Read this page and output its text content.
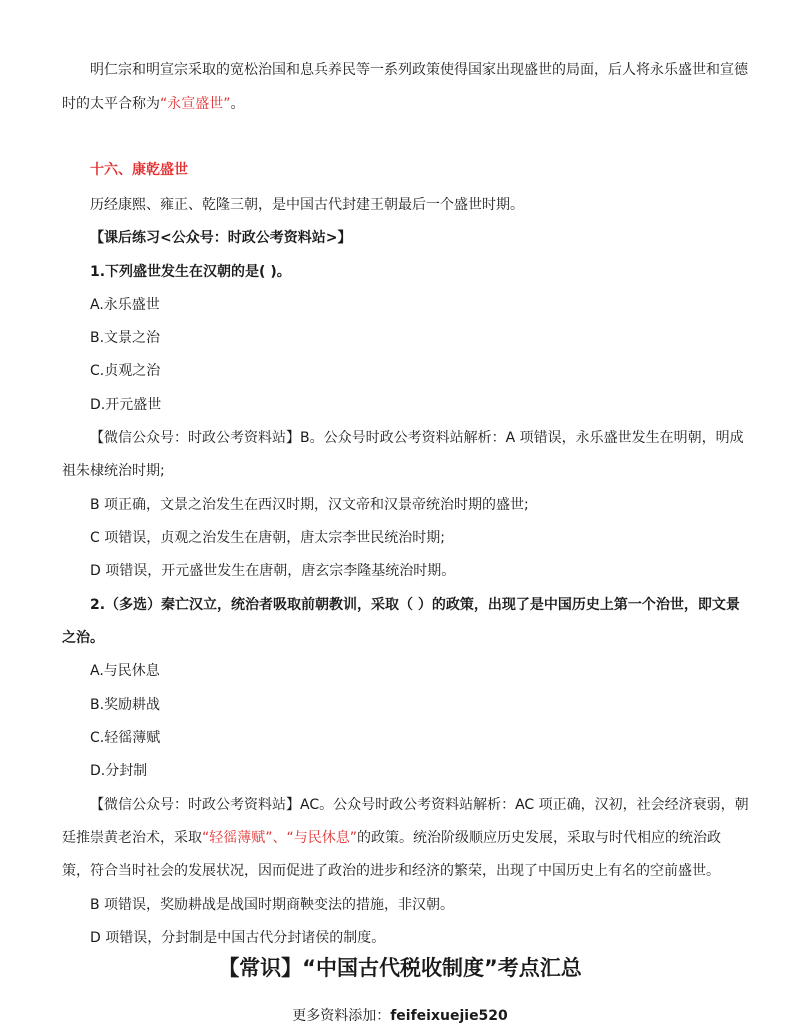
明仁宗和明宣宗采取的宽松治国和息兵养民等一系列政策使得国家出现盛世的局面，后人将永乐盛世和宣德
时的太平合称为“永宣盛世”。
十六、康乾盛世
历经康熙、雍正、乾隆三朝，是中国古代封建王朝最后一个盛世时期。
【课后练习<公众号：时政公考资料站>】
1.下列盛世发生在汉朝的是( )。
A.永乐盛世
B.文景之治
C.贞观之治
D.开元盛世
【微信公众号：时政公考资料站】B。公众号时政公考资料站解析：A 项错误，永乐盛世发生在明朝，明成
祖朱棣统治时期;
B 项正确，文景之治发生在西汉时期，汉文帝和汉景帝统治时期的盛世;
C 项错误，贞观之治发生在唐朝，唐太宗李世民统治时期;
D 项错误，开元盛世发生在唐朝，唐玄宗李隆基统治时期。
2.（多选）秦亡汉立，统治者吸取前朝教训，采取（ ）的政策，出现了是中国历史上第一个治世，即文景
之治。
A.与民休息
B.奖励耕战
C.轻徭薄赋
D.分封制
【微信公众号：时政公考资料站】AC。公众号时政公考资料站解析：AC 项正确，汉初，社会经济衰弱，朝
廷推崇黄老治术，采取“轻徭薄赋”、“与民休息”的政策。统治阶级顺应历史发展，采取与时代相应的统治政
策，符合当时社会的发展状况，因而促进了政治的进步和经济的繁荣，出现了中国历史上有名的空前盛世。
B 项错误，奖励耕战是战国时期商鞅变法的措施，非汉朝。
D 项错误，分封制是中国古代分封诸侯的制度。
【常识】“中国古代税收制度”考点汇总
更多资料添加：feifeixuejie520
